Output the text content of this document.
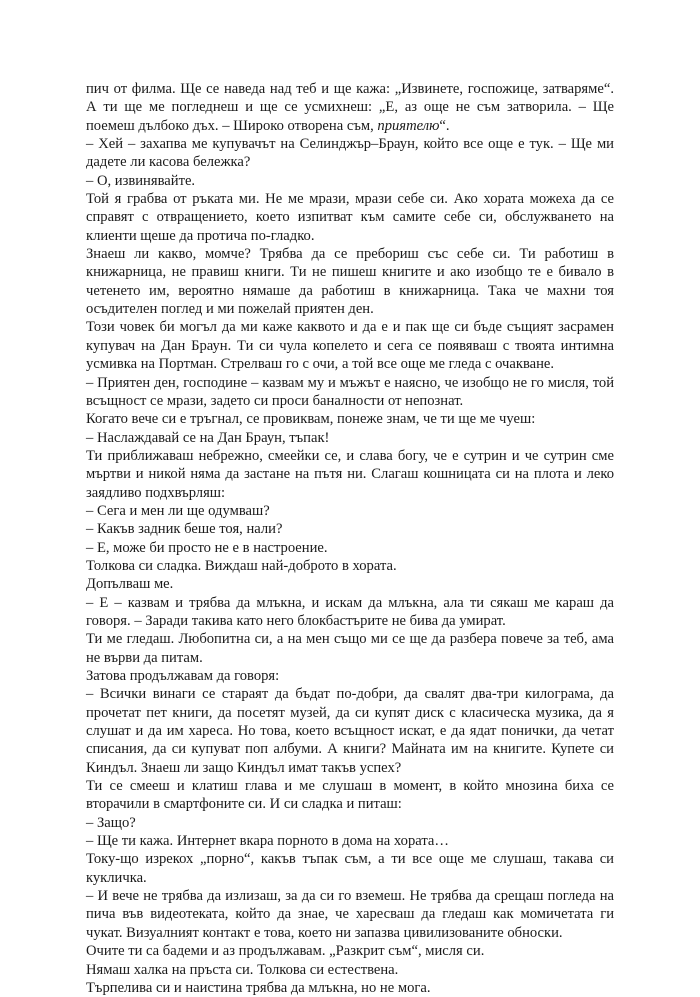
пич от филма. Ще се наведа над теб и ще кажа: „Извинете, госпожице, затваряме“. А ти ще ме погледнеш и ще се усмихнеш: „Е, аз още не съм затворила. – Ще поемеш дълбоко дъх. – Широко отворена съм, приятелю“.

– Хей – захапва ме купувачът на Селинджър–Браун, който все още е тук. – Ще ми дадете ли касова бележка?

– О, извинявайте.

Той я грабва от ръката ми. Не ме мрази, мрази себе си. Ако хората можеха да се справят с отвращението, което изпитват към самите себе си, обслужването на клиенти щеше да протича по-гладко.

Знаеш ли какво, момче? Трябва да се пребориш със себе си. Ти работиш в книжарница, не правиш книги. Ти не пишеш книгите и ако изобщо те е бивало в четенето им, вероятно нямаше да работиш в книжарница. Така че махни тоя осъдителен поглед и ми пожелай приятен ден.

Този човек би могъл да ми каже каквото и да е и пак ще си бъде същият засрамен купувач на Дан Браун. Ти си чула копелето и сега се появяваш с твоята интимна усмивка на Портман. Стрелваш го с очи, а той все още ме гледа с очакване.

– Приятен ден, господине – казвам му и мъжът е наясно, че изобщо не го мисля, той всъщност се мрази, задето си проси баналности от непознат.

Когато вече си е тръгнал, се провиквам, понеже знам, че ти ще ме чуеш:

– Наслаждавай се на Дан Браун, тъпак!

Ти приближаваш небрежно, смеейки се, и слава богу, че е сутрин и че сутрин сме мъртви и никой няма да застане на пътя ни. Слагаш кошницата си на плота и леко заядливо подхвърляш:

– Сега и мен ли ще одумваш?

– Какъв задник беше тоя, нали?

– Е, може би просто не е в настроение.

Толкова си сладка. Виждаш най-доброто в хората.

Допълваш ме.

– Е – казвам и трябва да млъкна, и искам да млъкна, ала ти сякаш ме караш да говоря. – Заради такива като него блокбастърите не бива да умират.

Ти ме гледаш. Любопитна си, а на мен също ми се ще да разбера повече за теб, ама не върви да питам.

Затова продължавам да говоря:

– Всички винаги се стараят да бъдат по-добри, да свалят два-три килограма, да прочетат пет книги, да посетят музей, да си купят диск с класическа музика, да я слушат и да им хареса. Но това, което всъщност искат, е да ядат понички, да четат списания, да си купуват поп албуми. А книги? Майната им на книгите. Купете си Киндъл. Знаеш ли защо Киндъл имат такъв успех?

Ти се смееш и клатиш глава и ме слушаш в момент, в който мнозина биха се вторачили в смартфоните си. И си сладка и питаш:

– Защо?

– Ще ти кажа. Интернет вкара порното в дома на хората…

Току-що изрекох „порно“, какъв тъпак съм, а ти все още ме слушаш, такава си кукличка.

– И вече не трябва да излизаш, за да си го вземеш. Не трябва да срещаш погледа на пича във видеотеката, който да знае, че харесваш да гледаш как момичетата ги чукат. Визуалният контакт е това, което ни запазва цивилизованите обноски.

Очите ти са бадеми и аз продължавам. „Разкрит съм“, мисля си.

Нямаш халка на пръста си. Толкова си естествена.

Търпелива си и наистина трябва да млъкна, но не мога.
